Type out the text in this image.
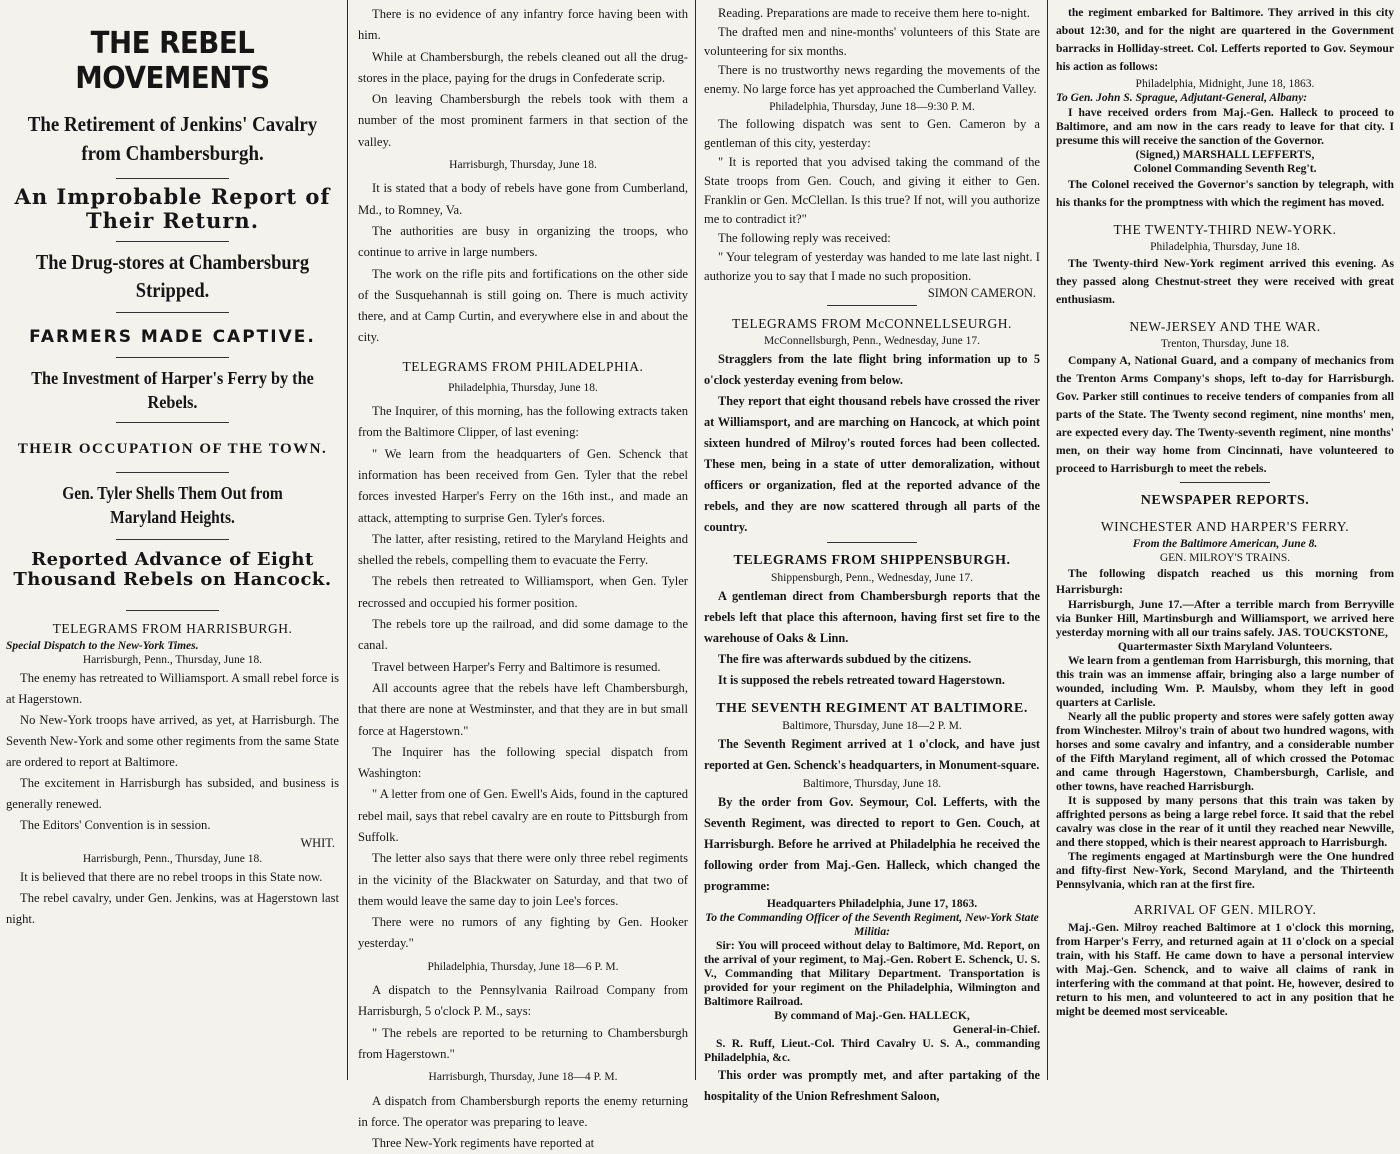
THE REBEL MOVEMENTS
The Retirement of Jenkins' Cavalry from Chambersburgh.
An Improbable Report of Their Return.
The Drug-stores at Chambersburg Stripped.
FARMERS MADE CAPTIVE.
The Investment of Harper's Ferry by the Rebels.
THEIR OCCUPATION OF THE TOWN.
Gen. Tyler Shells Them Out from Maryland Heights.
Reported Advance of Eight Thousand Rebels on Hancock.
TELEGRAMS FROM HARRISBURGH.
Special Dispatch to the New-York Times.
Harrisburgh, Penn., Thursday, June 18.

The enemy has retreated to Williamsport. A small rebel force is at Hagerstown.

No New-York troops have arrived, as yet, at Harrisburgh. The Seventh New-York and some other regiments from the same State are ordered to report at Baltimore.

The excitement in Harrisburgh has subsided, and business is generally renewed.

The Editors' Convention is in session.

WHIT.
Harrisburgh, Penn., Thursday, June 18.

It is believed that there are no rebel troops in this State now.

The rebel cavalry, under Gen. Jenkins, was at Hagerstown last night.

There is no evidence of any infantry force having been with him.

While at Chambersburgh, the rebels cleaned out all the drug-stores in the place, paying for the drugs in Confederate scrip.

On leaving Chambersburgh the rebels took with them a number of the most prominent farmers in that section of the valley.

Harrisburgh, Thursday, June 18.

It is stated that a body of rebels have gone from Cumberland, Md., to Romney, Va.

The authorities are busy in organizing the troops, who continue to arrive in large numbers.

The work on the rifle pits and fortifications on the other side of the Susquehannah is still going on. There is much activity there, and at Camp Curtin, and everywhere else in and about the city.

TELEGRAMS FROM PHILADELPHIA.
Philadelphia, Thursday, June 18.

The Inquirer, of this morning, has the following extracts taken from the Baltimore Clipper, of last evening:

" We learn from the headquarters of Gen. Schenck that information has been received from Gen. Tyler that the rebel forces invested Harper's Ferry on the 16th inst., and made an attack, attempting to surprise Gen. Tyler's forces.

The latter, after resisting, retired to the Maryland Heights and shelled the rebels, compelling them to evacuate the Ferry.

The rebels then retreated to Williamsport, when Gen. Tyler recrossed and occupied his former position.

The rebels tore up the railroad, and did some damage to the canal.

Travel between Harper's Ferry and Baltimore is resumed.

All accounts agree that the rebels have left Chambersburgh, that there are none at Westminster, and that they are in but small force at Hagerstown."

The Inquirer has the following special dispatch from Washington:

" A letter from one of Gen. Ewell's Aids, found in the captured rebel mail, says that rebel cavalry are en route to Pittsburgh from Suffolk.

The letter also says that there were only three rebel regiments in the vicinity of the Blackwater on Saturday, and that two of them would leave the same day to join Lee's forces.

There were no rumors of any fighting by Gen. Hooker yesterday."

Philadelphia, Thursday, June 18—6 P. M.

A dispatch to the Pennsylvania Railroad Company from Harrisburgh, 5 o'clock P. M., says:

" The rebels are reported to be returning to Chambersburgh from Hagerstown."

Harrisburgh, Thursday, June 18—4 P. M.

A dispatch from Chambersburgh reports the enemy returning in force. The operator was preparing to leave.

Three New-York regiments have reported at

Reading. Preparations are made to receive them here to-night.

The drafted men and nine-months' volunteers of this State are volunteering for six months.

There is no trustworthy news regarding the movements of the enemy. No large force has yet approached the Cumberland Valley.

Philadelphia, Thursday, June 18—9:30 P. M.

The following dispatch was sent to Gen. Cameron by a gentleman of this city, yesterday:

" It is reported that you advised taking the command of the State troops from Gen. Couch, and giving it either to Gen. Franklin or Gen. McClellan. Is this true? If not, will you authorize me to contradict it?"

The following reply was received:

" Your telegram of yesterday was handed to me late last night. I authorize you to say that I made no such proposition.

SIMON CAMERON.
TELEGRAMS FROM McCONNELLSEURGH.
McConnellsburgh, Penn., Wednesday, June 17.

Stragglers from the late flight bring information up to 5 o'clock yesterday evening from below.

They report that eight thousand rebels have crossed the river at Williamsport, and are marching on Hancock, at which point sixteen hundred of Milroy's routed forces had been collected. These men, being in a state of utter demoralization, without officers or organization, fled at the reported advance of the rebels, and they are now scattered through all parts of the country.

TELEGRAMS FROM SHIPPENSBURGH.
Shippensburgh, Penn., Wednesday, June 17.

A gentleman direct from Chambersburgh reports that the rebels left that place this afternoon, having first set fire to the warehouse of Oaks & Linn.

The fire was afterwards subdued by the citizens.

It is supposed the rebels retreated toward Hagerstown.

THE SEVENTH REGIMENT AT BALTIMORE.
Baltimore, Thursday, June 18—2 P. M.

The Seventh Regiment arrived at 1 o'clock, and have just reported at Gen. Schenck's headquarters, in Monument-square.

Baltimore, Thursday, June 18.

By the order from Gov. Seymour, Col. Lefferts, with the Seventh Regiment, was directed to report to Gen. Couch, at Harrisburgh. Before he arrived at Philadelphia he received the following order from Maj.-Gen. Halleck, which changed the programme:

Headquarters Philadelphia, June 17, 1863.
To the Commanding Officer of the Seventh Regiment, New-York State Militia:

Sir: You will proceed without delay to Baltimore, Md. Report, on the arrival of your regiment, to Maj.-Gen. Robert E. Schenck, U. S. V., Commanding that Military Department. Transportation is provided for your regiment on the Philadelphia, Wilmington and Baltimore Railroad.

By command of Maj.-Gen. HALLECK,
General-in-Chief.

S. R. Ruff, Lieut.-Col. Third Cavalry U. S. A., commanding Philadelphia, &c.

This order was promptly met, and after partaking of the hospitality of the Union Refreshment Saloon,

the regiment embarked for Baltimore. They arrived in this city about 12:30, and for the night are quartered in the Government barracks in Holliday-street. Col. Lefferts reported to Gov. Seymour his action as follows:

Philadelphia, Midnight, June 18, 1863.
To Gen. John S. Sprague, Adjutant-General, Albany:

I have received orders from Maj.-Gen. Halleck to proceed to Baltimore, and am now in the cars ready to leave for that city. I presume this will receive the sanction of the Governor.

(Signed,) MARSHALL LEFFERTS,
Colonel Commanding Seventh Reg't.

The Colonel received the Governor's sanction by telegraph, with his thanks for the promptness with which the regiment has moved.

THE TWENTY-THIRD NEW-YORK.
Philadelphia, Thursday, June 18.

The Twenty-third New-York regiment arrived this evening. As they passed along Chestnut-street they were received with great enthusiasm.

NEW-JERSEY AND THE WAR.
Trenton, Thursday, June 18.

Company A, National Guard, and a company of mechanics from the Trenton Arms Company's shops, left to-day for Harrisburgh. Gov. Parker still continues to receive tenders of companies from all parts of the State. The Twenty second regiment, nine months' men, are expected every day. The Twenty-seventh regiment, nine months' men, on their way home from Cincinnati, have volunteered to proceed to Harrisburgh to meet the rebels.

NEWSPAPER REPORTS.
WINCHESTER AND HARPER'S FERRY.
From the Baltimore American, June 8.
GEN. MILROY'S TRAINS.

The following dispatch reached us this morning from Harrisburgh:

Harrisburgh, June 17.—After a terrible march from Berryville via Bunker Hill, Martinsburgh and Williamsport, we arrived here yesterday morning with all our trains safely. JAS. TOUCKSTONE,

Quartermaster Sixth Maryland Volunteers.

We learn from a gentleman from Harrisburgh, this morning, that this train was an immense affair, bringing also a large number of wounded, including Wm. P. Maulsby, whom they left in good quarters at Carlisle.

Nearly all the public property and stores were safely gotten away from Winchester. Milroy's train of about two hundred wagons, with horses and some cavalry and infantry, and a considerable number of the Fifth Maryland regiment, all of which crossed the Potomac and came through Hagerstown, Chambersburgh, Carlisle, and other towns, have reached Harrisburgh.

It is supposed by many persons that this train was taken by affrighted persons as being a large rebel force. It said that the rebel cavalry was close in the rear of it until they reached near Newville, and there stopped, which is their nearest approach to Harrisburgh.

The regiments engaged at Martinsburgh were the One hundred and fifty-first New-York, Second Maryland, and the Thirteenth Pennsylvania, which ran at the first fire.

ARRIVAL OF GEN. MILROY.

Maj.-Gen. Milroy reached Baltimore at 1 o'clock this morning, from Harper's Ferry, and returned again at 11 o'clock on a special train, with his Staff. He came down to have a personal interview with Maj.-Gen. Schenck, and to waive all claims of rank in interfering with the command at that point. He, however, desired to return to his men, and volunteered to act in any position that he might be deemed most serviceable.
